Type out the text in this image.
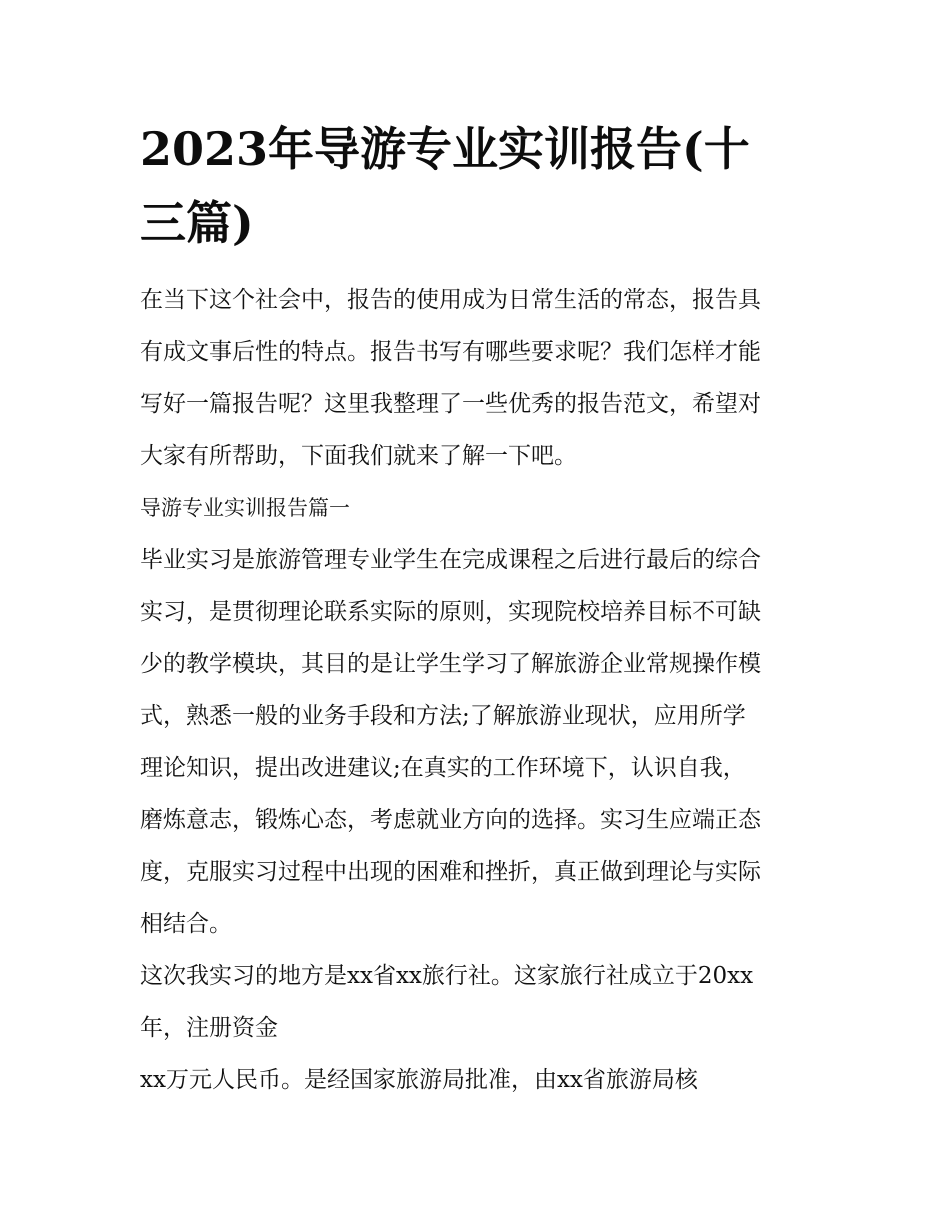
2023年导游专业实训报告(十
三篇)

在当下这个社会中，报告的使用成为日常生活的常态，报告具
有成文事后性的特点。报告书写有哪些要求呢？我们怎样才能
写好一篇报告呢？这里我整理了一些优秀的报告范文，希望对
大家有所帮助，下面我们就来了解一下吧。

导游专业实训报告篇一

毕业实习是旅游管理专业学生在完成课程之后进行最后的综合
实习，是贯彻理论联系实际的原则，实现院校培养目标不可缺
少的教学模块，其目的是让学生学习了解旅游企业常规操作模
式，熟悉一般的业务手段和方法;了解旅游业现状，应用所学
理论知识，提出改进建议;在真实的工作环境下，认识自我，
磨炼意志，锻炼心态，考虑就业方向的选择。实习生应端正态
度，克服实习过程中出现的困难和挫折，真正做到理论与实际
相结合。

这次我实习的地方是xx省xx旅行社。这家旅行社成立于20xx
年，注册资金

xx万元人民币。是经国家旅游局批准，由xx省旅游局核
